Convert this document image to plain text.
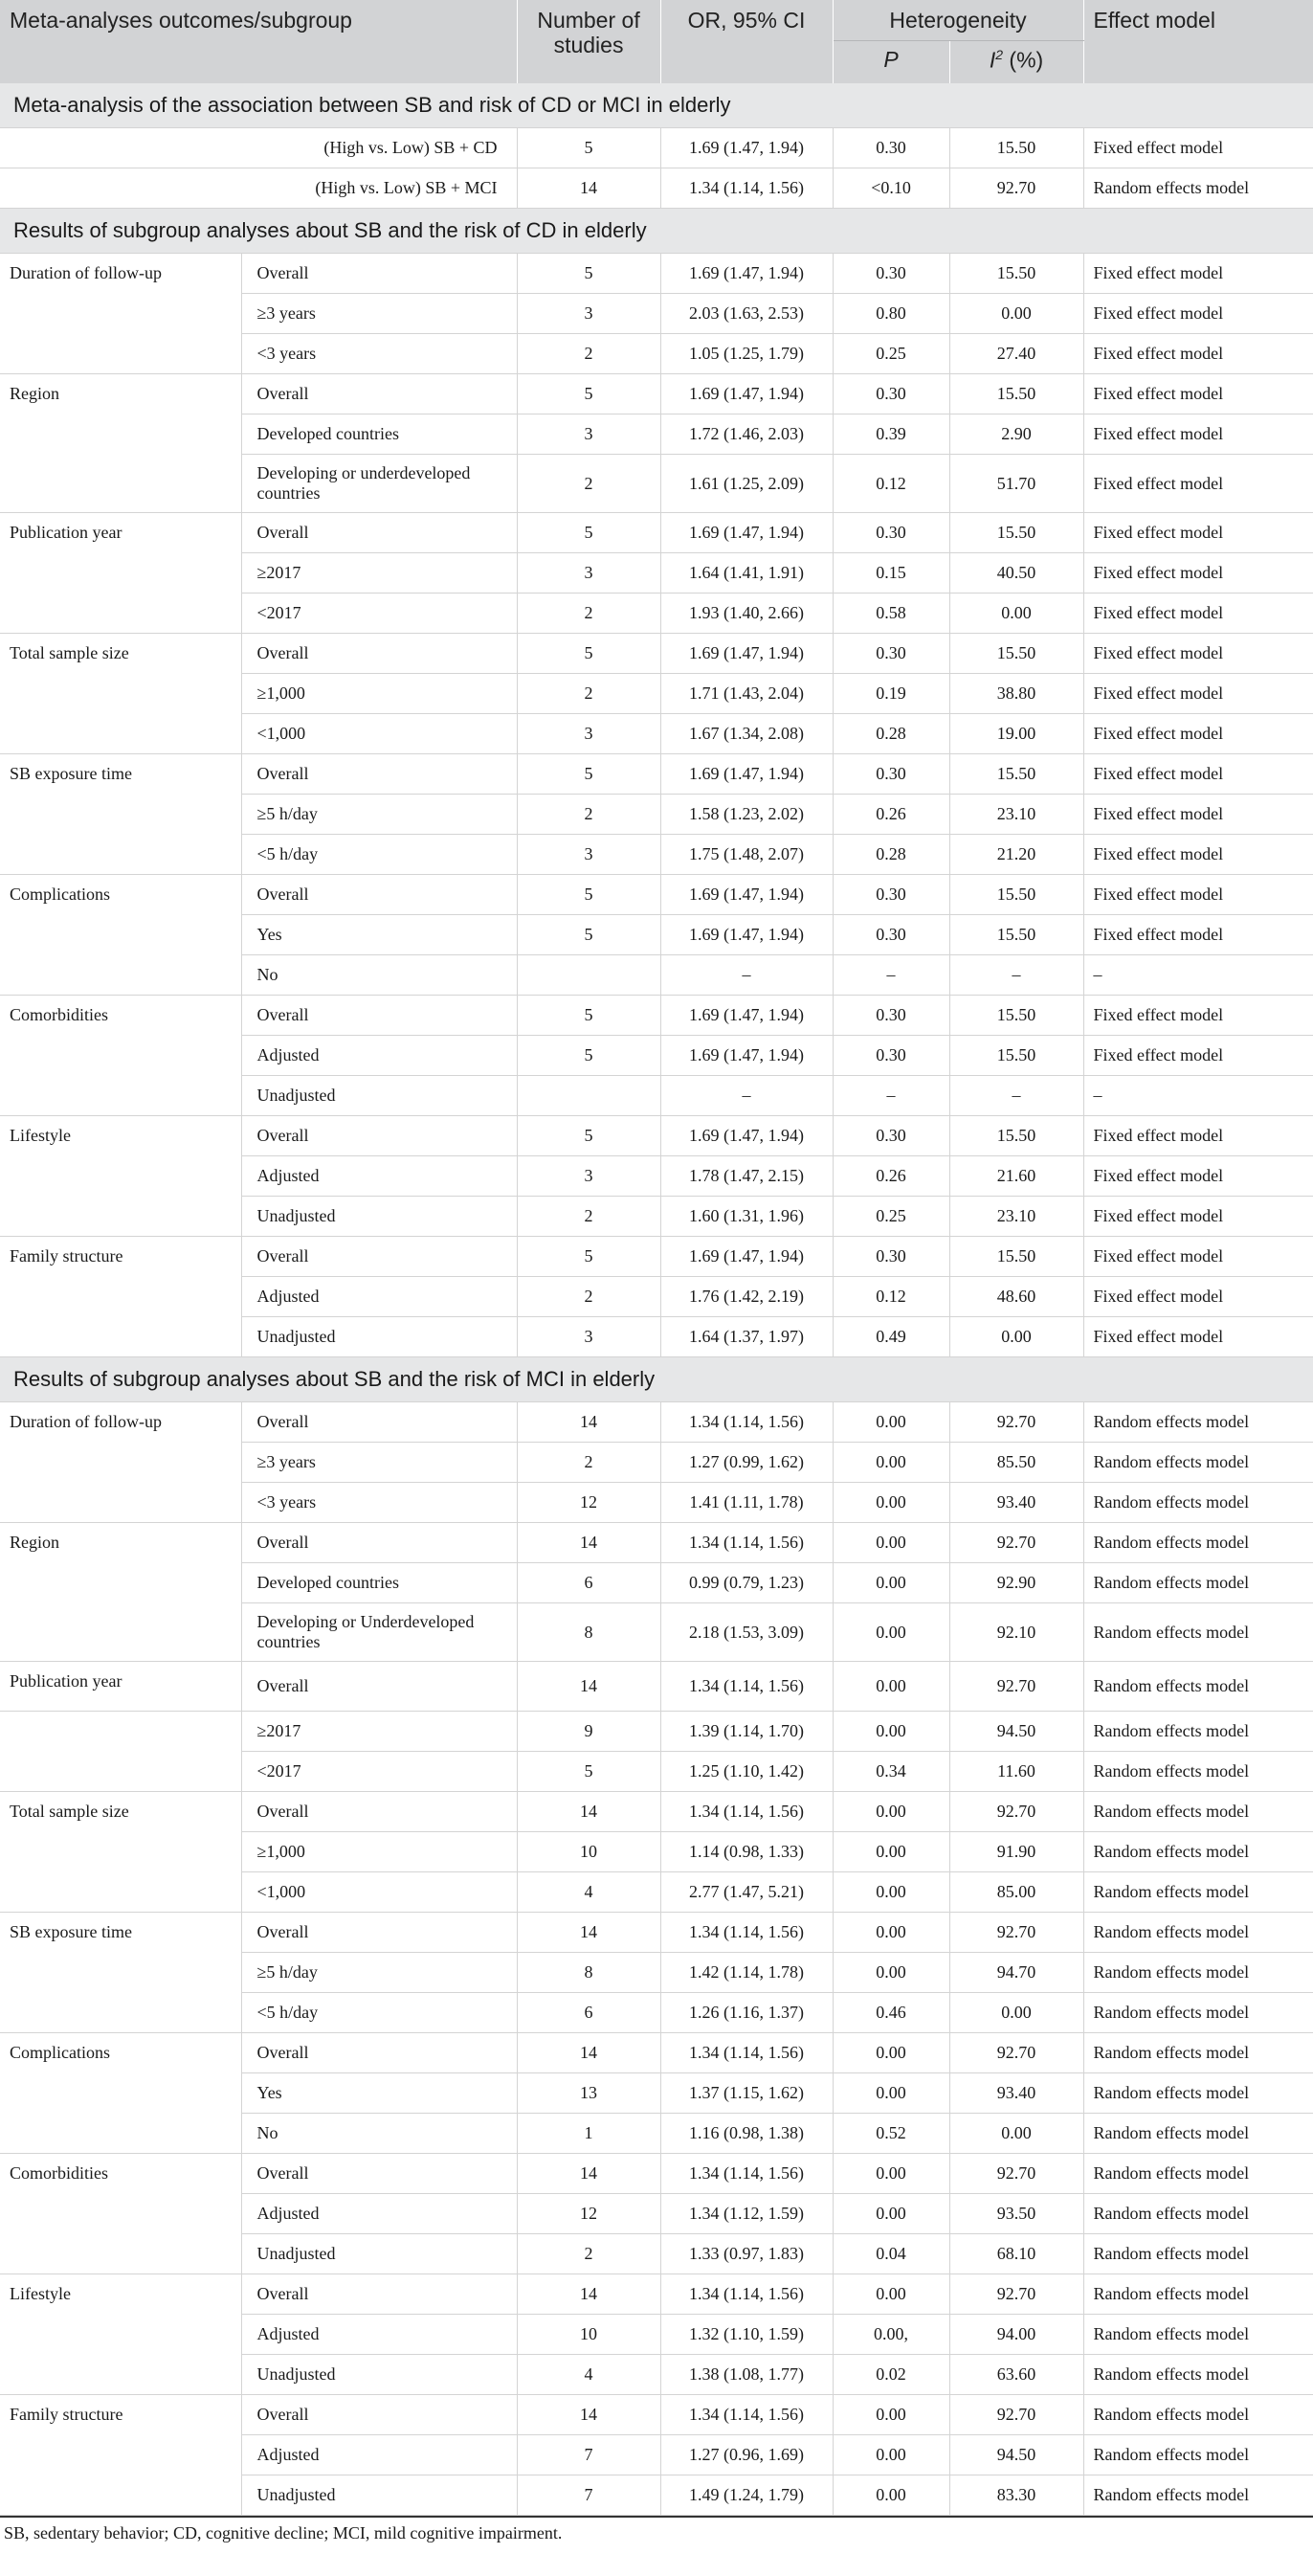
Meta-analyses outcomes/subgroup		Number of studies	OR, 95% CI	Heterogeneity		Effect model
				P	$I^2$ (%)	
Meta-analysis of the association between SB and risk of CD or MCI in elderly						
(High vs. Low) SB + CD		5	1.69 (1.47, 1.94)	0.30	15.50	Fixed effect model
(High vs. Low) SB + MCI		14	1.34 (1.14, 1.56)	<0.10	92.70	Random effects model
Results of subgroup analyses about SB and the risk of CD in elderly						
Duration of follow-up	Overall	5	1.69 (1.47, 1.94)	0.30	15.50	Fixed effect model
	≥3 years	3	2.03 (1.63, 2.53)	0.80	0.00	Fixed effect model
	<3 years	2	1.05 (1.25, 1.79)	0.25	27.40	Fixed effect model
Region	Overall	5	1.69 (1.47, 1.94)	0.30	15.50	Fixed effect model
	Developed countries	3	1.72 (1.46, 2.03)	0.39	2.90	Fixed effect model
	Developing or underdeveloped countries	2	1.61 (1.25, 2.09)	0.12	51.70	Fixed effect model
Publication year	Overall	5	1.69 (1.47, 1.94)	0.30	15.50	Fixed effect model
	≥2017	3	1.64 (1.41, 1.91)	0.15	40.50	Fixed effect model
	<2017	2	1.93 (1.40, 2.66)	0.58	0.00	Fixed effect model
Total sample size	Overall	5	1.69 (1.47, 1.94)	0.30	15.50	Fixed effect model
	≥1,000	2	1.71 (1.43, 2.04)	0.19	38.80	Fixed effect model
	<1,000	3	1.67 (1.34, 2.08)	0.28	19.00	Fixed effect model
SB exposure time	Overall	5	1.69 (1.47, 1.94)	0.30	15.50	Fixed effect model
	≥5 h/day	2	1.58 (1.23, 2.02)	0.26	23.10	Fixed effect model
	<5 h/day	3	1.75 (1.48, 2.07)	0.28	21.20	Fixed effect model
Complications	Overall	5	1.69 (1.47, 1.94)	0.30	15.50	Fixed effect model
	Yes	5	1.69 (1.47, 1.94)	0.30	15.50	Fixed effect model
	No		–	–	–	–
Comorbidities	Overall	5	1.69 (1.47, 1.94)	0.30	15.50	Fixed effect model
	Adjusted	5	1.69 (1.47, 1.94)	0.30	15.50	Fixed effect model
	Unadjusted		–	–	–	–
Lifestyle	Overall	5	1.69 (1.47, 1.94)	0.30	15.50	Fixed effect model
	Adjusted	3	1.78 (1.47, 2.15)	0.26	21.60	Fixed effect model
	Unadjusted	2	1.60 (1.31, 1.96)	0.25	23.10	Fixed effect model
Family structure	Overall	5	1.69 (1.47, 1.94)	0.30	15.50	Fixed effect model
	Adjusted	2	1.76 (1.42, 2.19)	0.12	48.60	Fixed effect model
	Unadjusted	3	1.64 (1.37, 1.97)	0.49	0.00	Fixed effect model
Results of subgroup analyses about SB and the risk of MCI in elderly						
Duration of follow-up	Overall	14	1.34 (1.14, 1.56)	0.00	92.70	Random effects model
	≥3 years	2	1.27 (0.99, 1.62)	0.00	85.50	Random effects model
	<3 years	12	1.41 (1.11, 1.78)	0.00	93.40	Random effects model
Region	Overall	14	1.34 (1.14, 1.56)	0.00	92.70	Random effects model
	Developed countries	6	0.99 (0.79, 1.23)	0.00	92.90	Random effects model
	Developing or Underdeveloped countries	8	2.18 (1.53, 3.09)	0.00	92.10	Random effects model
Publication year	Overall	14	1.34 (1.14, 1.56)	0.00	92.70	Random effects model
	≥2017	9	1.39 (1.14, 1.70)	0.00	94.50	Random effects model
	<2017	5	1.25 (1.10, 1.42)	0.34	11.60	Random effects model
Total sample size	Overall	14	1.34 (1.14, 1.56)	0.00	92.70	Random effects model
	≥1,000	10	1.14 (0.98, 1.33)	0.00	91.90	Random effects model
	<1,000	4	2.77 (1.47, 5.21)	0.00	85.00	Random effects model
SB exposure time	Overall	14	1.34 (1.14, 1.56)	0.00	92.70	Random effects model
	≥5 h/day	8	1.42 (1.14, 1.78)	0.00	94.70	Random effects model
	<5 h/day	6	1.26 (1.16, 1.37)	0.46	0.00	Random effects model
Complications	Overall	14	1.34 (1.14, 1.56)	0.00	92.70	Random effects model
	Yes	13	1.37 (1.15, 1.62)	0.00	93.40	Random effects model
	No	1	1.16 (0.98, 1.38)	0.52	0.00	Random effects model
Comorbidities	Overall	14	1.34 (1.14, 1.56)	0.00	92.70	Random effects model
	Adjusted	12	1.34 (1.12, 1.59)	0.00	93.50	Random effects model
	Unadjusted	2	1.33 (0.97, 1.83)	0.04	68.10	Random effects model
Lifestyle	Overall	14	1.34 (1.14, 1.56)	0.00	92.70	Random effects model
	Adjusted	10	1.32 (1.10, 1.59)	0.00,	94.00	Random effects model
	Unadjusted	4	1.38 (1.08, 1.77)	0.02	63.60	Random effects model
Family structure	Overall	14	1.34 (1.14, 1.56)	0.00	92.70	Random effects model
	Adjusted	7	1.27 (0.96, 1.69)	0.00	94.50	Random effects model
	Unadjusted	7	1.49 (1.24, 1.79)	0.00	83.30	Random effects model
SB, sedentary behavior; CD, cognitive decline; MCI, mild cognitive impairment.
